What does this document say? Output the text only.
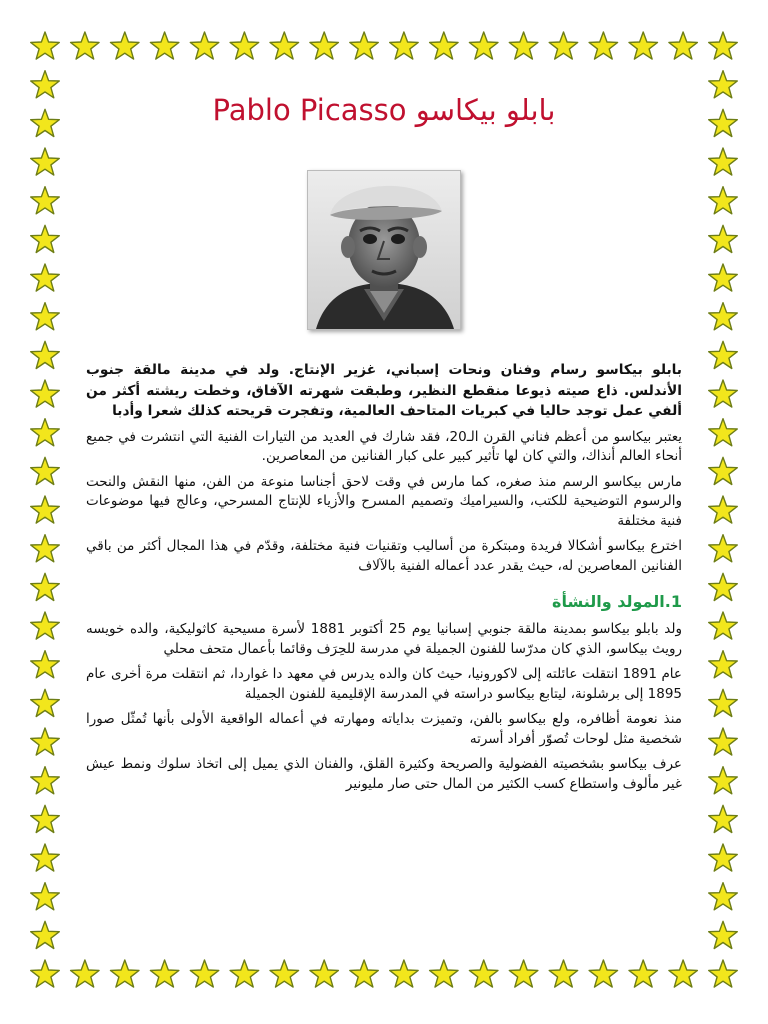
بابلو بيكاسو Pablo Picasso

بابلو بيكاسو رسام وفنان ونحات إسباني، غزير الإنتاج. ولد في مدينة مالقة جنوب الأندلس. ذاع صيته ذيوعا منقطع النظير، وطبقت شهرته الآفاق، وخطت ريشته أكثر من ألفي عمل توجد حاليا في كبريات المتاحف العالمية، وتفجرت قريحته كذلك شعرا وأدبا

يعتبر بيكاسو من أعظم فناني القرن الـ20، فقد شارك في العديد من التيارات الفنية التي انتشرت في جميع أنحاء العالم أنذاك، والتي كان لها تأثير كبير على كبار الفنانين من المعاصرين.

مارس بيكاسو الرسم منذ صغره، كما مارس في وقت لاحق أجناسا منوعة من الفن، منها النقش والنحت والرسوم التوضيحية للكتب، والسيراميك وتصميم المسرح والأزياء للإنتاج المسرحي، وعالج فيها موضوعات فنية مختلفة

اخترع بيكاسو أشكالا فريدة ومبتكرة من أساليب وتقنيات فنية مختلفة، وقدّم في هذا المجال أكثر من باقي الفنانين المعاصرين له، حيث يقدر عدد أعماله الفنية بالآلاف

1.المولد والنشأة

ولد بابلو بيكاسو بمدينة مالقة جنوبي إسبانيا يوم 25 أكتوبر 1881 لأسرة مسيحية كاثوليكية، والده خويسه رويث بيكاسو، الذي كان مدرّسا للفنون الجميلة في مدرسة للحِرَف وقائما بأعمال متحف محلي

عام 1891 انتقلت عائلته إلى لاكورونيا، حيث كان والده يدرس في معهد دا غواردا، ثم انتقلت مرة أخرى عام 1895 إلى برشلونة، ليتابع بيكاسو دراسته في المدرسة الإقليمية للفنون الجميلة

منذ نعومة أظافره، ولع بيكاسو بالفن، وتميزت بداياته ومهارته في أعماله الواقعية الأولى بأنها تُمثّل صورا شخصية مثل لوحات تُصوّر أفراد أسرته

عرف بيكاسو بشخصيته الفضولية والصريحة وكثيرة القلق، والفنان الذي يميل إلى اتخاذ سلوك ونمط عيش غير مألوف واستطاع كسب الكثير من المال حتى صار مليونير
